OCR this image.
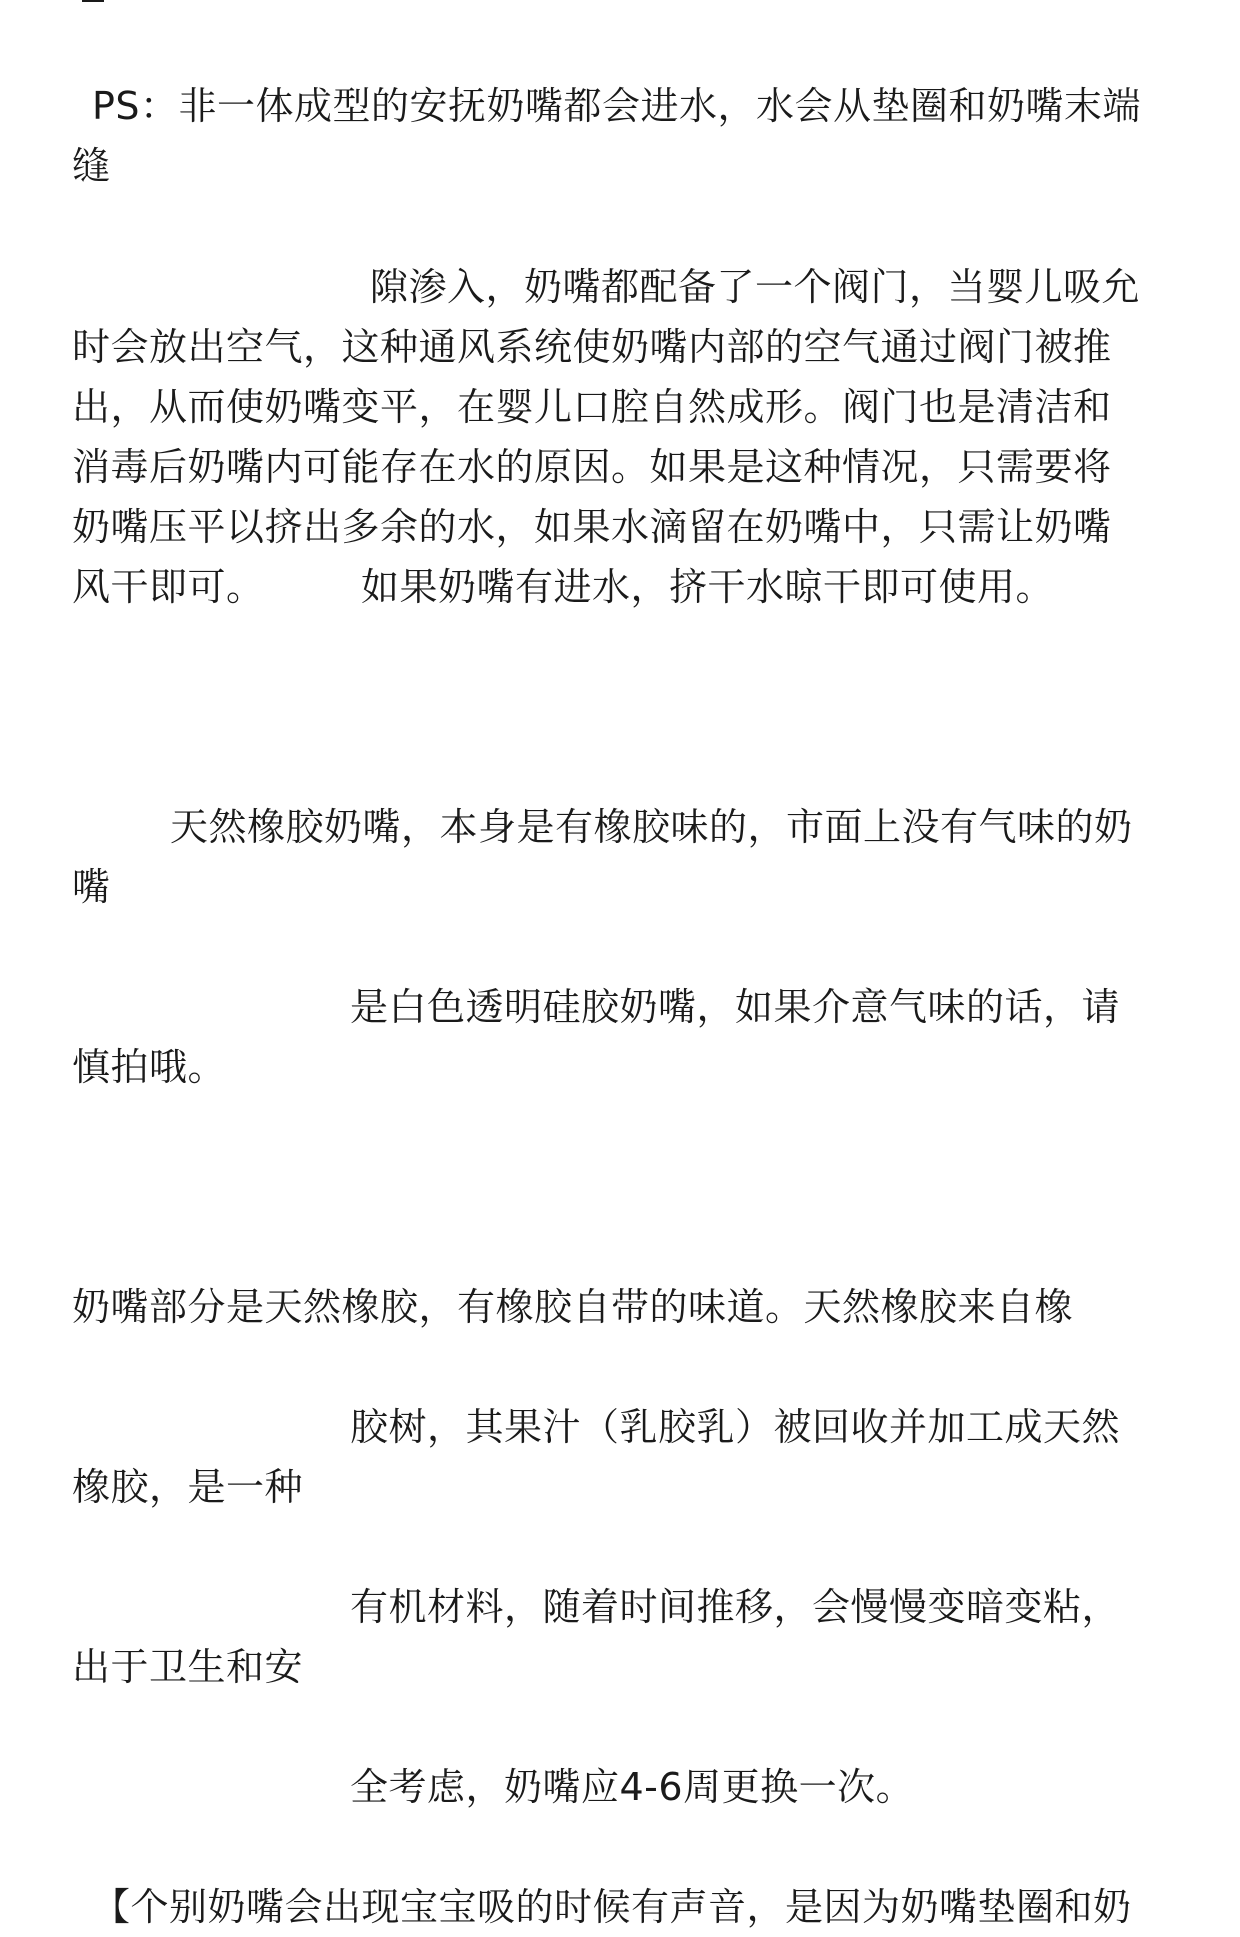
PS：非一体成型的安抚奶嘴都会进水，水会从垫圈和奶嘴末端
缝
隙渗入，奶嘴都配备了一个阀门，当婴儿吸允
时会放出空气，这种通风系统使奶嘴内部的空气通过阀门被推
出，从而使奶嘴变平，在婴儿口腔自然成形。阀门也是清洁和
消毒后奶嘴内可能存在水的原因。如果是这种情况，只需要将
奶嘴压平以挤出多余的水，如果水滴留在奶嘴中，只需让奶嘴
风干即可。　　　如果奶嘴有进水，挤干水晾干即可使用。
天然橡胶奶嘴，本身是有橡胶味的，市面上没有气味的奶
嘴
是白色透明硅胶奶嘴，如果介意气味的话，请
慎拍哦。
奶嘴部分是天然橡胶，有橡胶自带的味道。天然橡胶来自橡
胶树，其果汁（乳胶乳）被回收并加工成天然
橡胶，是一种
有机材料，随着时间推移，会慢慢变暗变粘，
出于卫生和安
全考虑，奶嘴应4-6周更换一次。
【个别奶嘴会出现宝宝吸的时候有声音，是因为奶嘴垫圈和奶
